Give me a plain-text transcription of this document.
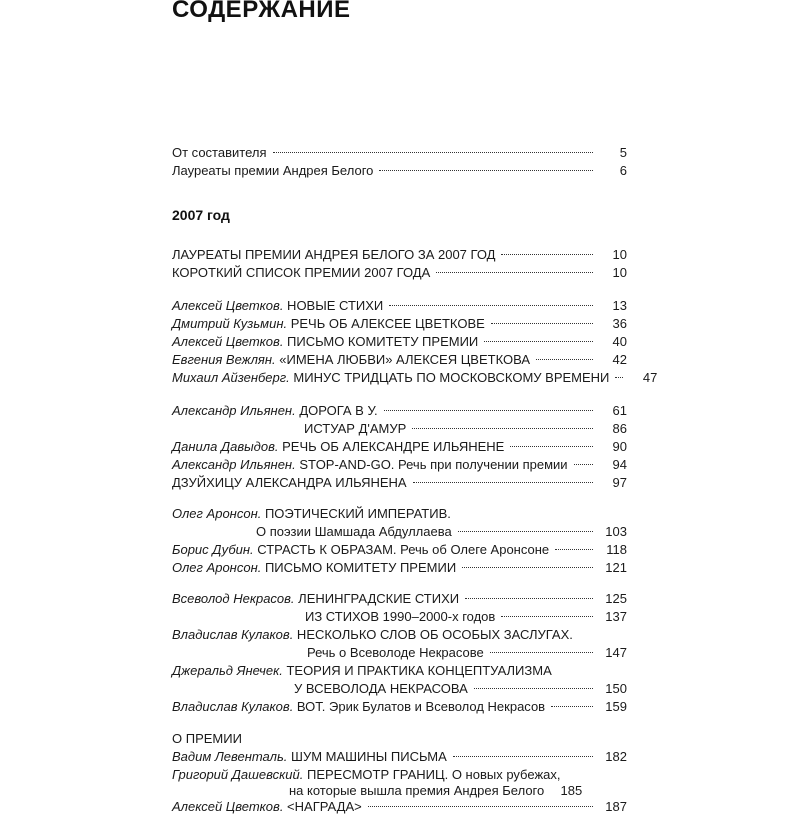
СОДЕРЖАНИЕ
От составителя	5
Лауреаты премии Андрея Белого	6
2007 год
ЛАУРЕАТЫ ПРЕМИИ АНДРЕЯ БЕЛОГО ЗА 2007 ГОД	10
КОРОТКИЙ СПИСОК ПРЕМИИ 2007 ГОДА	10
Алексей Цветков. НОВЫЕ СТИХИ	13
Дмитрий Кузьмин. РЕЧЬ ОБ АЛЕКСЕЕ ЦВЕТКОВЕ	36
Алексей Цветков. ПИСЬМО КОМИТЕТУ ПРЕМИИ	40
Евгения Вежлян. «ИМЕНА ЛЮБВИ» АЛЕКСЕЯ ЦВЕТКОВА	42
Михаил Айзенберг. МИНУС ТРИДЦАТЬ ПО МОСКОВСКОМУ ВРЕМЕНИ	47
Александр Ильянен. ДОРОГА В У.	61
ИСТУАР Д'АМУР	86
Данила Давыдов. РЕЧЬ ОБ АЛЕКСАНДРЕ ИЛЬЯНЕНЕ	90
Александр Ильянен. STOP-AND-GO. Речь при получении премии	94
ДЗУЙХИЦУ АЛЕКСАНДРА ИЛЬЯНЕНА	97
Олег Аронсон. ПОЭТИЧЕСКИЙ ИМПЕРАТИВ.
О поэзии Шамшада Абдуллаева	103
Борис Дубин. СТРАСТЬ К ОБРАЗАМ. Речь об Олеге Аронсоне	118
Олег Аронсон. ПИСЬМО КОМИТЕТУ ПРЕМИИ	121
Всеволод Некрасов. ЛЕНИНГРАДСКИЕ СТИХИ	125
ИЗ СТИХОВ 1990–2000-х годов	137
Владислав Кулаков. НЕСКОЛЬКО СЛОВ ОБ ОСОБЫХ ЗАСЛУГАХ.
Речь о Всеволоде Некрасове	147
Джеральд Янечек. ТЕОРИЯ И ПРАКТИКА КОНЦЕПТУАЛИЗМА
У ВСЕВОЛОДА НЕКРАСОВА	150
Владислав Кулаков. ВОТ. Эрик Булатов и Всеволод Некрасов	159
О ПРЕМИИ
Вадим Левенталь. ШУМ МАШИНЫ ПИСЬМА	182
Григорий Дашевский. ПЕРЕСМОТР ГРАНИЦ. О новых рубежах,
на которые вышла премия Андрея Белого	185
Алексей Цветков. <НАГРАДА>	187
